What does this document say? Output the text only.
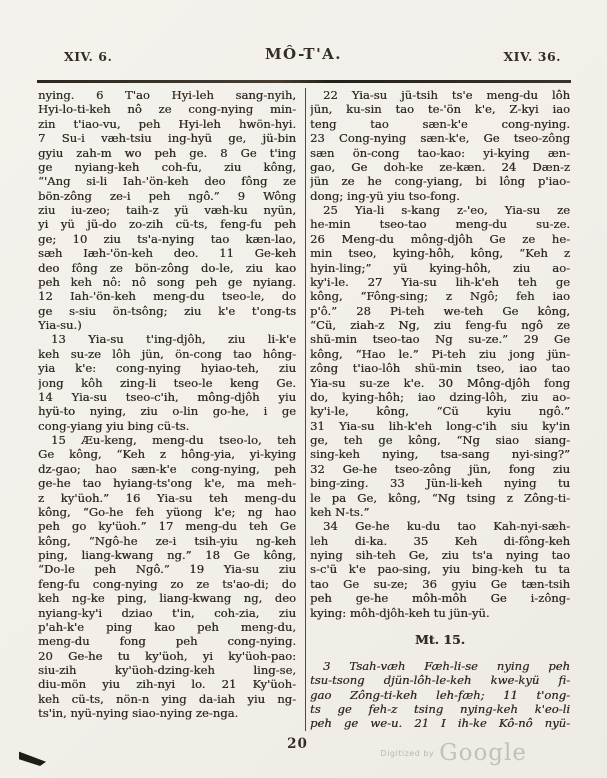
XIV. 6.	MÔ-T'A.	XIV. 36.
nying. 6 T'ao Hyi-leh sang-nyih,
Hyi-lo-ti-keh nô ze cong-nying min-
zin t'iao-vu, peh Hyi-leh hwön-hyi.
7 Su-i væh-tsiu ing-hyü ge, jü-bin
gyiu zah-m wo peh ge. 8 Ge t'ing
ge nyiang-keh coh-fu, ziu kông,
“'Ang si-li Iah-'ön-keh deo fông ze
bön-zông ze-i peh ngô.” 9 Wông
ziu iu-zeo; taih-z yü væh-ku nyün,
yi yü jü-do zo-zih cü-ts, feng-fu peh
ge; 10 ziu ts'a-nying tao kæn-lao,
sæh Iæh-'ön-keh deo. 11 Ge-keh
deo fông ze bön-zông do-le, ziu kao
peh keh nô: nô song peh ge nyiang.
12 Iah-'ön-keh meng-du tseo-le, do
ge s-siu ön-tsông; ziu k'e t'ong-ts
Yia-su.)
13 Yia-su t'ing-djôh, ziu li-k'e
keh su-ze lôh jün, ön-cong tao hông-
yia k'e: cong-nying hyiao-teh, ziu
jong kôh zing-li tseo-le keng Ge.
14 Yia-su tseo-c'ih, mông-djôh yiu
hyü-to nying, ziu o-lin go-he, i ge
cong-yiang yiu bing cü-ts.
15 Æu-keng, meng-du tseo-lo, teh
Ge kông, “Keh z hông-yia, yi-kying
dz-gao; hao sæn-k'e cong-nying, peh
ge-he tao hyiang-ts'ong k'e, ma meh-
z ky'üoh.” 16 Yia-su teh meng-du
kông, “Go-he feh yüong k'e; ng hao
peh go ky'üoh.” 17 meng-du teh Ge
kông, “Ngô-he ze-i tsih-yiu ng-keh
ping, liang-kwang ng.” 18 Ge kông,
“Do-le peh Ngô.” 19 Yia-su ziu
feng-fu cong-nying zo ze ts'ao-di; do
keh ng-ke ping, liang-kwang ng, deo
nyiang-ky'i dziao t'in, coh-zia, ziu
p'ah-k'e ping kao peh meng-du,
meng-du fong peh cong-nying.
20 Ge-he tu ky'üoh, yi ky'üoh-pao:
siu-zih ky'üoh-dzing-keh ling-se,
diu-mön yiu zih-nyi lo. 21 Ky'üoh-
keh cü-ts, nön-n ying da-iah yiu ng-
ts'in, nyü-nying siao-nying ze-nga.
22 Yia-su jü-tsih ts'e meng-du lôh
jün, ku-sin tao te-'ön k'e, Z-kyi iao
teng tao sæn-k'e cong-nying.
23 Cong-nying sæn-k'e, Ge tseo-zông
sæn ön-cong tao-kao: yi-kying æn-
gao, Ge doh-ke ze-kæn. 24 Dæn-z
jün ze he cong-yiang, bi lông p'iao-
dong; ing-yü yiu tso-fong.
25 Yia-li s-kang z-'eo, Yia-su ze
he-min tseo-tao meng-du su-ze.
26 Meng-du mông-djôh Ge ze he-
min tseo, kying-hôh, kông, “Keh z
hyin-ling;” yü kying-hôh, ziu ao-
ky'i-le. 27 Yia-su lih-k'eh teh ge
kông, “Fông-sing; z Ngô; feh iao
p'ô.” 28 Pi-teh we-teh Ge kông,
“Cü, ziah-z Ng, ziu feng-fu ngô ze
shü-min tseo-tao Ng su-ze.” 29 Ge
kông, “Hao le.” Pi-teh ziu jong jün-
zông t'iao-lôh shü-min tseo, iao tao
Yia-su su-ze k'e. 30 Mông-djôh fong
do, kying-hôh; iao dzing-lôh, ziu ao-
ky'i-le, kông, “Cü kyiu ngô.”
31 Yia-su lih-k'eh long-c'ih siu ky'in
ge, teh ge kông, “Ng siao siang-
sing-keh nying, tsa-sang nyi-sing?”
32 Ge-he tseo-zông jün, fong ziu
bing-zing. 33 Jün-li-keh nying tu
le pa Ge, kông, “Ng tsing z Zông-ti-
keh N-ts.”
34 Ge-he ku-du tao Kah-nyi-sæh-
leh di-ka. 35 Keh di-fông-keh
nying sih-teh Ge, ziu ts'a nying tao
s-c'ü k'e pao-sing, yiu bing-keh tu ta
tao Ge su-ze; 36 gyiu Ge tæn-tsih
peh ge-he môh-môh Ge i-zông-
kying: môh-djôh-keh tu jün-yü.
Mt. 15.
3 Tsah-væh Fæh-li-se nying peh
tsu-tsong djün-lôh-le-keh kwe-kyü fi-
gao Zông-ti-keh leh-fæh; 11 t'ong-
ts ge feh-z tsing nying-keh k'eo-li
peh ge we-u. 21 I ih-ke Kô-nô nyü-
20
$^{Digitized by}$ Google
